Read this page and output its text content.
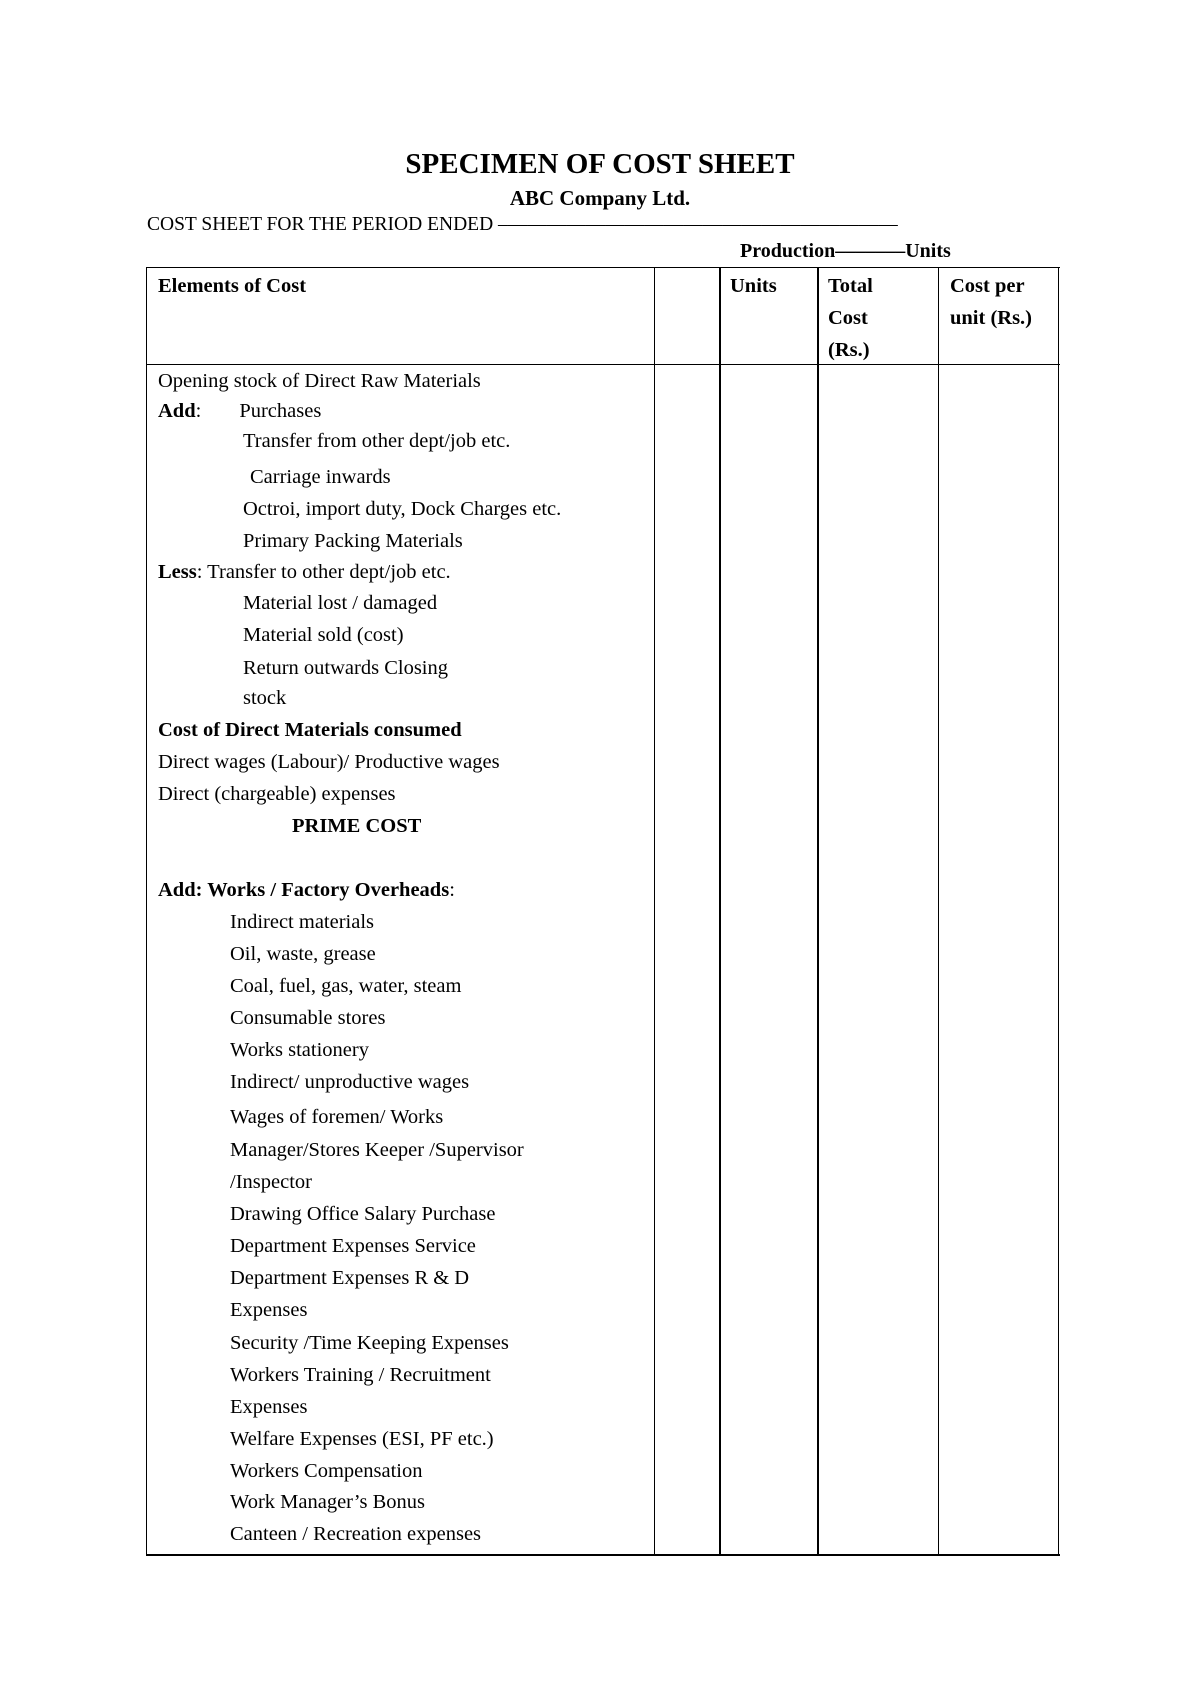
SPECIMEN OF COST SHEET
ABC Company Ltd.
COST SHEET FOR THE PERIOD ENDED –––––––––––––––––––––––––––––––––––––––––
Production–––––––Units
Elements of Cost	Units	Total
Cost
(Rs.)
Cost per
unit (Rs.)
Opening stock of Direct Raw Materials
Add: Purchases
Transfer from other dept/job etc.
Carriage inwards
Octroi, import duty, Dock Charges etc.
Primary Packing Materials
Less: Transfer to other dept/job etc.
Material lost / damaged
Material sold (cost)
Return outwards Closing
stock
Cost of Direct Materials consumed
Direct wages (Labour)/ Productive wages
Direct (chargeable) expenses
PRIME COST
Add: Works / Factory Overheads:
Indirect materials
Oil, waste, grease
Coal, fuel, gas, water, steam
Consumable stores
Works stationery
Indirect/ unproductive wages
Wages of foremen/ Works
Manager/Stores Keeper /Supervisor
/Inspector
Drawing Office Salary Purchase
Department Expenses Service
Department Expenses R & D
Expenses
Security /Time Keeping Expenses
Workers Training / Recruitment
Expenses
Welfare Expenses (ESI, PF etc.)
Workers Compensation
Work Manager’s Bonus
Canteen / Recreation expenses
